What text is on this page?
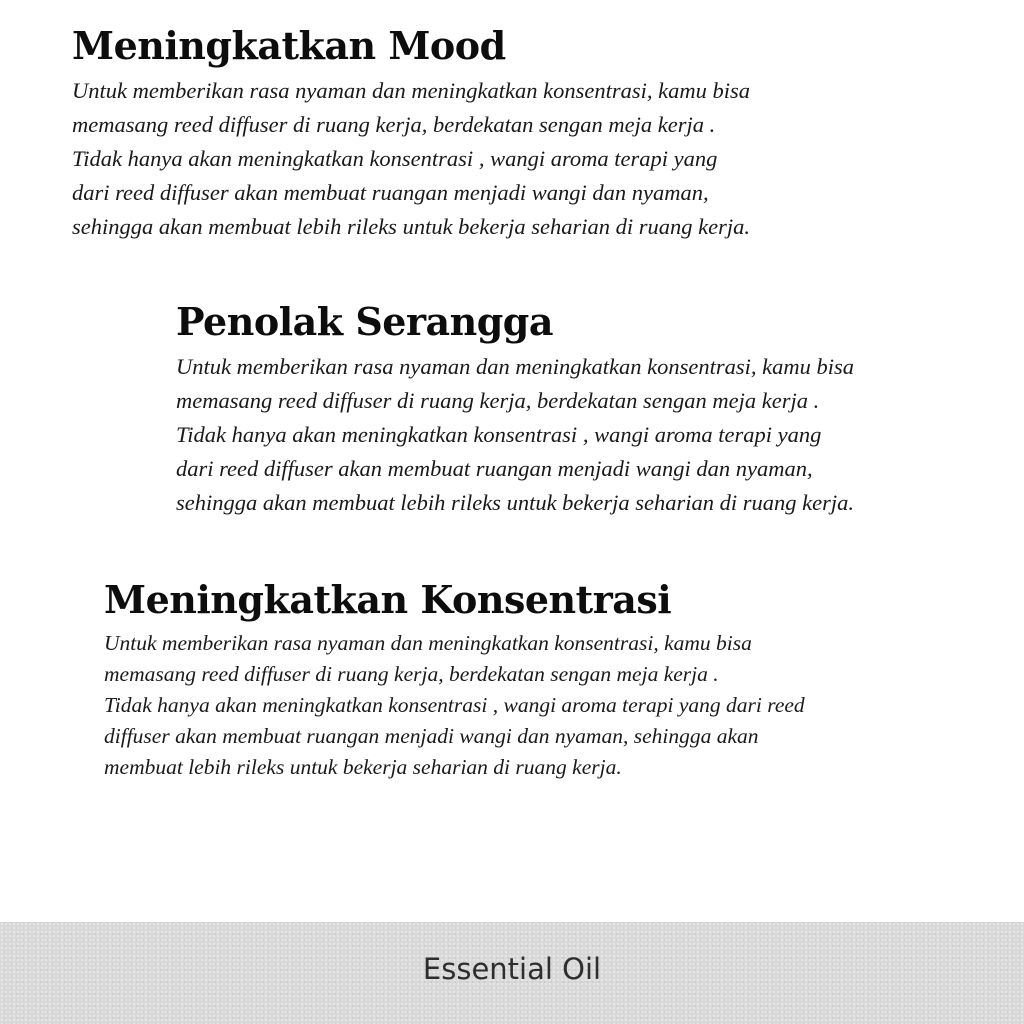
Meningkatkan Mood
Untuk memberikan rasa nyaman dan meningkatkan konsentrasi, kamu bisa
memasang reed diffuser di ruang kerja, berdekatan sengan meja kerja .
Tidak hanya akan meningkatkan konsentrasi , wangi aroma terapi yang
dari reed diffuser akan membuat ruangan menjadi wangi dan nyaman,
sehingga akan membuat lebih rileks untuk bekerja seharian di ruang kerja.
Penolak Serangga
Untuk memberikan rasa nyaman dan meningkatkan konsentrasi, kamu bisa
memasang reed diffuser di ruang kerja, berdekatan sengan meja kerja .
Tidak hanya akan meningkatkan konsentrasi , wangi aroma terapi yang
dari reed diffuser akan membuat ruangan menjadi wangi dan nyaman,
sehingga akan membuat lebih rileks untuk bekerja seharian di ruang kerja.
Meningkatkan Konsentrasi
Untuk memberikan rasa nyaman dan meningkatkan konsentrasi, kamu bisa
memasang reed diffuser di ruang kerja, berdekatan sengan meja kerja .
Tidak hanya akan meningkatkan konsentrasi , wangi aroma terapi yang dari reed
diffuser akan membuat ruangan menjadi wangi dan nyaman, sehingga akan
membuat lebih rileks untuk bekerja seharian di ruang kerja.
Essential Oil
